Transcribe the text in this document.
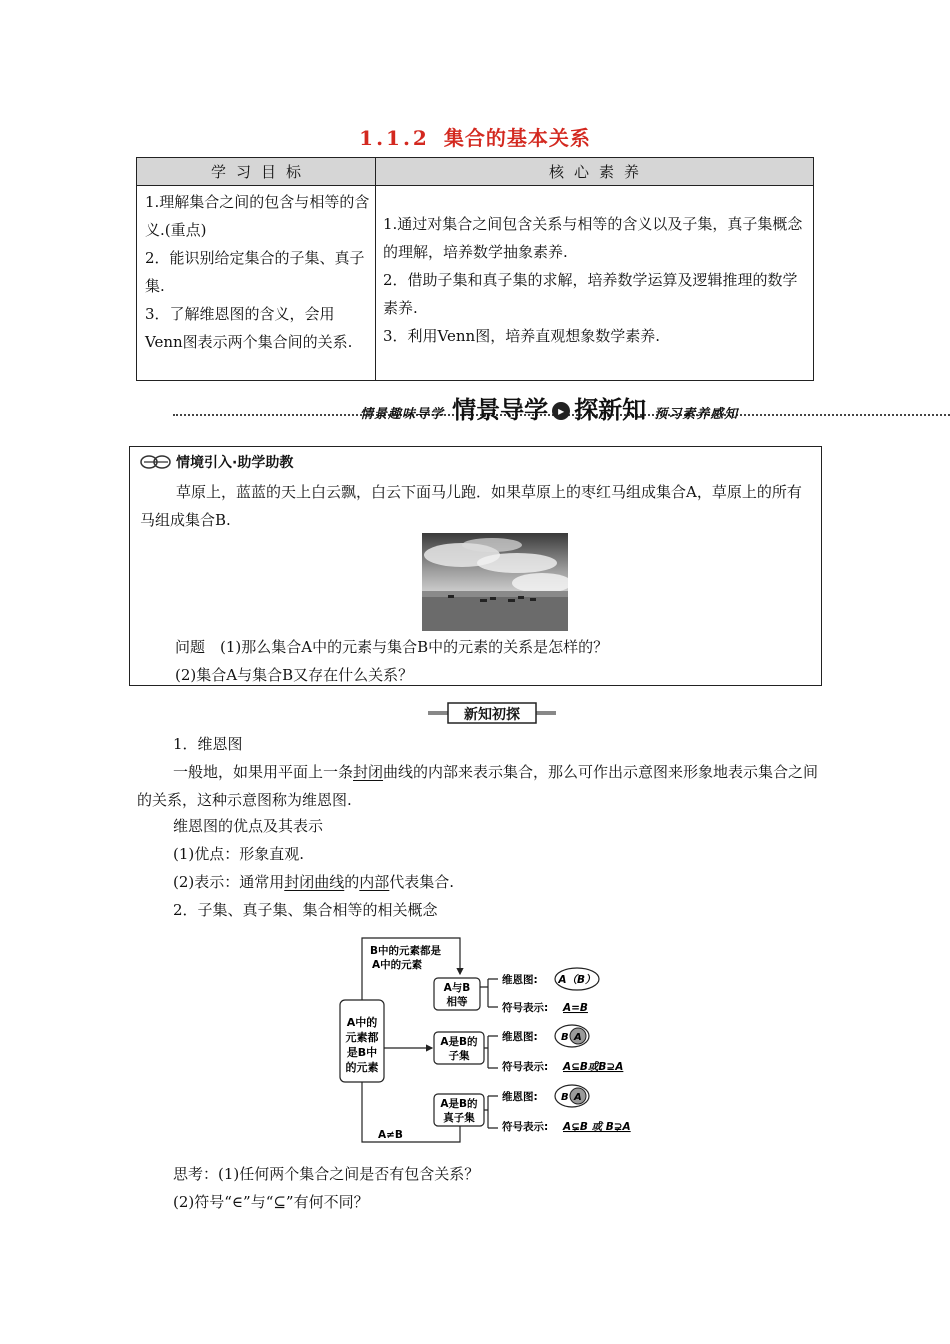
1.1.2 集合的基本关系
学习目标	核心素养

1.理解集合之间的包含与相等的含义.(重点)

2．能识别给定集合的子集、真子集.

3．了解维恩图的含义，会用Venn图表示两个集合间的关系.

1.通过对集合之间包含关系与相等的含义以及子集，真子集概念的理解，培养数学抽象素养.

2．借助子集和真子集的求解，培养数学运算及逻辑推理的数学素养.

3．利用Venn图，培养直观想象数学素养.

情景趣味导学 情景导学 ▸ 探新知 预习素养感知
情境引入·助学助教
草原上，蓝蓝的天上白云飘，白云下面马儿跑．如果草原上的枣红马组成集合A，草原上的所有马组成集合B.
问题　(1)那么集合A中的元素与集合B中的元素的关系是怎样的？
(2)集合A与集合B又存在什么关系？
新知初探
1．维恩图
一般地，如果用平面上一条封闭曲线的内部来表示集合，那么可作出示意图来形象地表示集合之间的关系，这种示意图称为维恩图.
维恩图的优点及其表示
(1)优点：形象直观.
(2)表示：通常用封闭曲线的内部代表集合.
2．子集、真子集、集合相等的相关概念
A中的
元素都
是B中
的元素
B中的元素都是
A中的元素
A≠B
A与B
相等
A是B的
子集
A是B的
真子集
维恩图: A（B）
符号表示: A=B
维恩图: B A
符号表示: A⊆B或B⊇A
维恩图: B A
符号表示: A⊊B 或 B⊋A
思考：(1)任何两个集合之间是否有包含关系？
(2)符号“∈”与“⊆”有何不同？
